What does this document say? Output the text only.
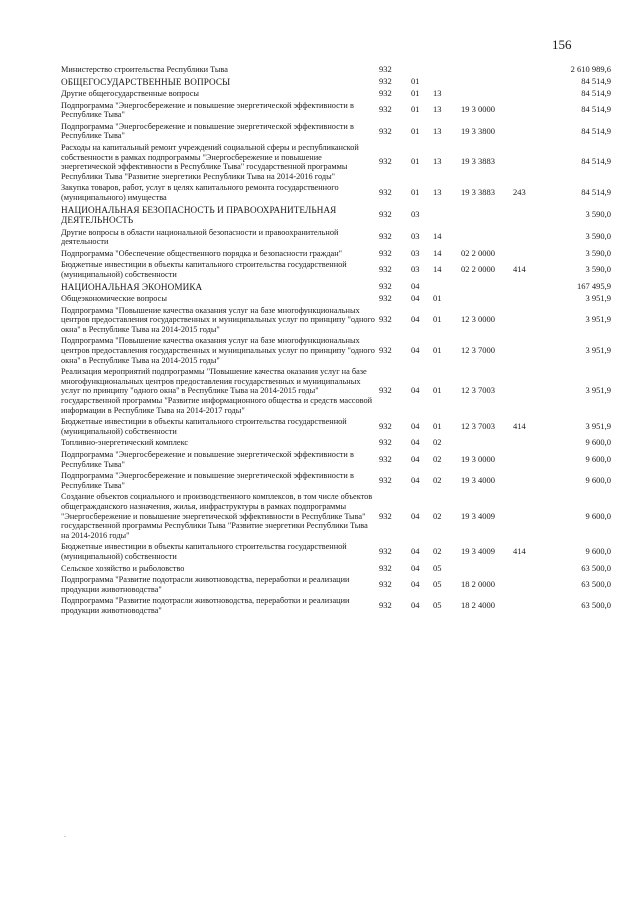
156
Министерство строительства Республики Тыва	932					2 610 989,6
ОБЩЕГОСУДАРСТВЕННЫЕ ВОПРОСЫ	932	01				84 514,9
Другие общегосударственные вопросы	932	01	13			84 514,9
Подпрограмма "Энергосбережение и повышение энергетической эффективности в Республике Тыва"	932	01	13	19 3 0000		84 514,9
Подпрограмма "Энергосбережение и повышение энергетической эффективности в Республике Тыва"	932	01	13	19 3 3800		84 514,9
Расходы на капитальный ремонт учреждений социальной сферы и республиканской собственности в рамках подпрограммы "Энергосбережение и повышение энергетической эффективности в Республике Тыва" государственной программы Республики Тыва "Развитие энергетики Республики Тыва на 2014-2016 годы"	932	01	13	19 3 3883		84 514,9
Закупка товаров, работ, услуг в целях капитального ремонта государственного (муниципального) имущества	932	01	13	19 3 3883	243	84 514,9
НАЦИОНАЛЬНАЯ БЕЗОПАСНОСТЬ И ПРАВООХРАНИТЕЛЬНАЯ ДЕЯТЕЛЬНОСТЬ	932	03				3 590,0
Другие вопросы в области национальной безопасности и правоохранительной деятельности	932	03	14			3 590,0
Подпрограмма "Обеспечение общественного порядка и безопасности граждан"	932	03	14	02 2 0000		3 590,0
Бюджетные инвестиции в объекты капитального строительства государственной (муниципальной) собственности	932	03	14	02 2 0000	414	3 590,0
НАЦИОНАЛЬНАЯ ЭКОНОМИКА	932	04				167 495,9
Общеэкономические вопросы	932	04	01			3 951,9
Подпрограмма "Повышение качества оказания услуг на базе многофункциональных центров предоставления государственных и муниципальных услуг по принципу "одного окна" в Республике Тыва на 2014-2015 годы"	932	04	01	12 3 0000		3 951,9
Подпрограмма "Повышение качества оказания услуг на базе многофункциональных центров предоставления государственных и муниципальных услуг по принципу "одного окна" в Республике Тыва на 2014-2015 годы"	932	04	01	12 3 7000		3 951,9
Реализация мероприятий подпрограммы "Повышение качества оказания услуг на базе многофункциональных центров предоставления государственных и муниципальных услуг по принципу "одного окна" в Республике Тыва на 2014-2015 годы" государственной программы "Развитие информационного общества и средств массовой информации в Республике Тыва на 2014-2017 годы"	932	04	01	12 3 7003		3 951,9
Бюджетные инвестиции в объекты капитального строительства государственной (муниципальной) собственности	932	04	01	12 3 7003	414	3 951,9
Топливно-энергетический комплекс	932	04	02			9 600,0
Подпрограмма "Энергосбережение и повышение энергетической эффективности в Республике Тыва"	932	04	02	19 3 0000		9 600,0
Подпрограмма "Энергосбережение и повышение энергетической эффективности в Республике Тыва"	932	04	02	19 3 4000		9 600,0
Создание объектов социального и производственного комплексов, в том числе объектов общегражданского назначения, жилья, инфраструктуры в рамках подпрограммы "Энергосбережение и повышение энергетической эффективности в Республике Тыва" государственной программы Республики Тыва "Развитие энергетики Республики Тыва на 2014-2016 годы"	932	04	02	19 3 4009		9 600,0
Бюджетные инвестиции в объекты капитального строительства государственной (муниципальной) собственности	932	04	02	19 3 4009	414	9 600,0
Сельское хозяйство и рыболовство	932	04	05			63 500,0
Подпрограмма "Развитие подотрасли животноводства, переработки и реализации продукции животноводства"	932	04	05	18 2 0000		63 500,0
Подпрограмма "Развитие подотрасли животноводства, переработки и реализации продукции животноводства"	932	04	05	18 2 4000		63 500,0
.
